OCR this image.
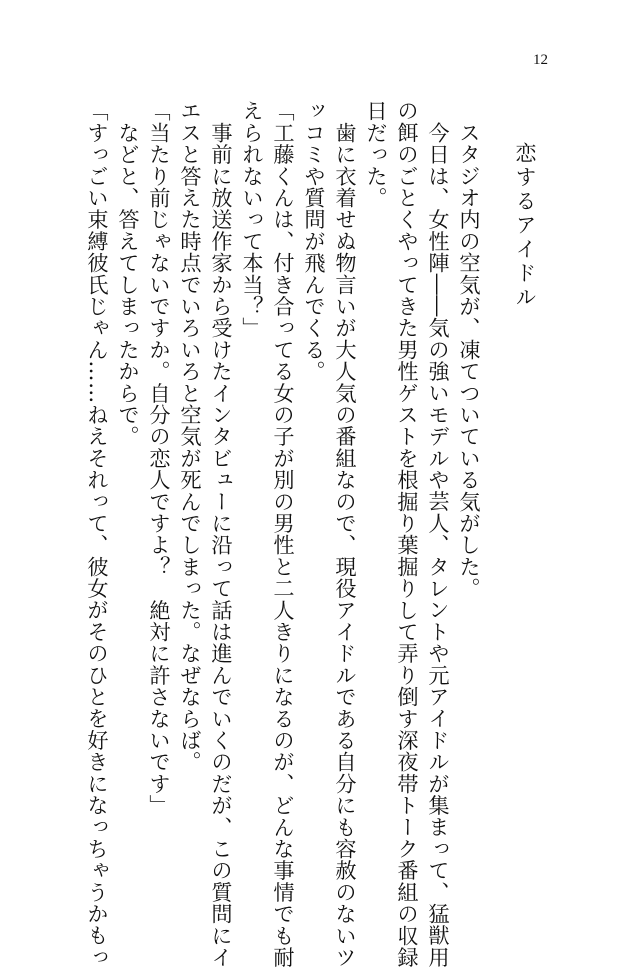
12
恋するアイドル
　スタジオ内の空気が、凍てついている気がした。
　今日は、女性陣――気の強いモデルや芸人、タレントや元アイドルが集まって、猛獣用
の餌のごとくやってきた男性ゲストを根掘り葉掘りして弄り倒す深夜帯トーク番組の収録
日だった。
　歯に衣着せぬ物言いが大人気の番組なので、現役アイドルである自分にも容赦のないツ
ッコミや質問が飛んでくる。
「工藤くんは、付き合ってる女の子が別の男性と二人きりになるのが、どんな事情でも耐
えられないって本当？」
　事前に放送作家から受けたインタビューに沿って話は進んでいくのだが、この質問にイ
エスと答えた時点でいろいろと空気が死んでしまった。なぜならば。
「当たり前じゃないですか。自分の恋人ですよ？　絶対に許さないです」
　などと、答えてしまったからで。
「すっごい束縛彼氏じゃん……ねえそれって、彼女がそのひとを好きになっちゃうかもっ
